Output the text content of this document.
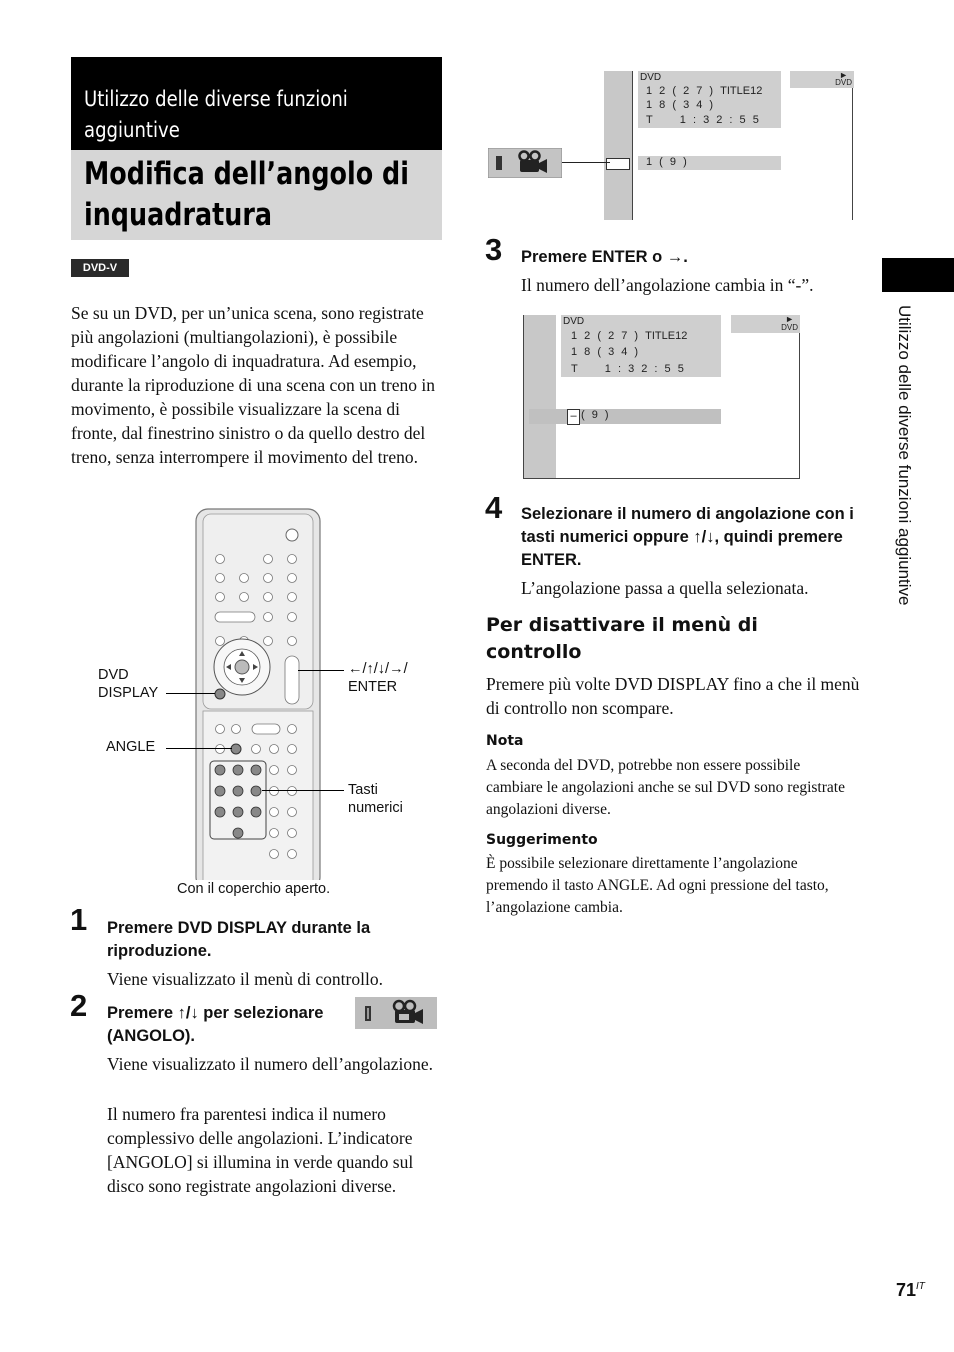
Utilizzo delle diverse funzioni aggiuntive
Modifica dell’angolo di inquadratura
DVD-V
Se su un DVD, per un’unica scena, sono registrate più angolazioni (multiangolazioni), è possibile modificare l’angolo di inquadratura. Ad esempio, durante la riproduzione di una scena con un treno in movimento, è possibile visualizzare la scena di fronte, dal finestrino sinistro o da quello destro del treno, senza interrompere il movimento del treno.
DVD
DISPLAY
ANGLE
←/↑/↓/→/
ENTER
Tasti
numerici
Con il coperchio aperto.
1 Premere DVD DISPLAY durante la riproduzione.
Viene visualizzato il menù di controllo.
2 Premere ↑/↓ per selezionare
(ANGOLO).
Viene visualizzato il numero dell’angolazione.
Il numero fra parentesi indica il numero complessivo delle angolazioni. L’indicatore [ANGOLO] si illumina in verde quando sul disco sono registrate angolazioni diverse.
DVD
1 2 ( 2 7 ) TITLE12
1 8 ( 3 4 )
T     1 : 3 2 : 5 5
►
DVD
1 ( 9 )
3 Premere ENTER o →.
Il numero dell’angolazione cambia in “-”.
DVD
1 2 ( 2 7 ) TITLE12
1 8 ( 3 4 )
T     1 : 3 2 : 5 5
►
DVD
– ( 9 )
4 Selezionare il numero di angolazione con i tasti numerici oppure ↑/↓, quindi premere ENTER.
L’angolazione passa a quella selezionata.
Per disattivare il menù di controllo
Premere più volte DVD DISPLAY fino a che il menù di controllo non scompare.
Nota
A seconda del DVD, potrebbe non essere possibile cambiare le angolazioni anche se sul DVD sono registrate angolazioni diverse.
Suggerimento
È possibile selezionare direttamente l’angolazione premendo il tasto ANGLE. Ad ogni pressione del tasto, l’angolazione cambia.
Utilizzo delle diverse funzioni aggiuntive
$71^{IT}$
